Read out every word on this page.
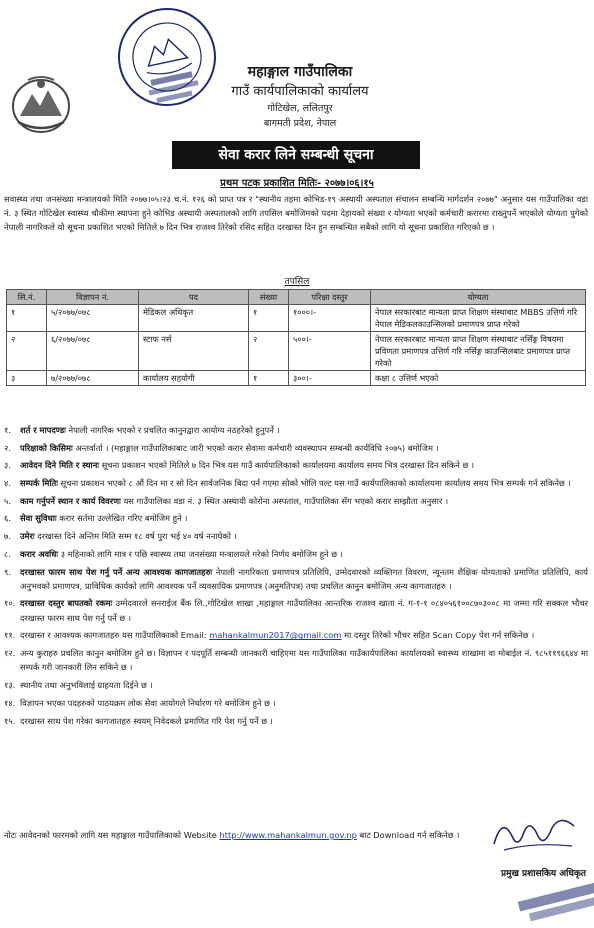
महाङ्गाल गाउँपालिका
गाउँ कार्यपालिकाको कार्यालय
गोटिखेल, ललितपुर
बागमती प्रदेश, नेपाल
सेवा करार लिने सम्बन्धी सूचना
प्रथम पटक प्रकाशित मितिः- २०७७।०६।१५
सवास्थ्य तथा जनसंख्या मन्त्रालयको मिति २०७७।०५।२३ च.नं. १२६ को प्राप्त पत्र र "स्थानीय तहमा कोभिड-१९ अस्थायी अस्पताल संचालन सम्बन्धि मार्गदर्शन २०७७" अनुसार यस गाउँपालिका वडा नं. ३ स्थित गोटिखेल स्वास्थ्य चौकीमा स्थापना हुने कोभिड अस्थायी अस्पतालको लागि तपसिल बमोजिमको पदमा देहायको संख्या र योग्यता भएको कर्मचारी करारमा राख्नुपर्ने भएकोले योग्यता पुगेको नेपाली नागरिकले यो सूचना प्रकाशित भएको मितिले ७ दिन भित्र राजश्व तिरेको रसिद सहित दरखास्त दिन हुन सम्बन्धित सबैको लागि यो सूचना प्रकाशित गरिएको छ ।
तपसिल
सि.नं.	विज्ञापन नं.	पद	संख्या	परिक्षा दस्तुर	योग्यता
१	५/२०७७/०७८	मेडिकल अधिकृत	१	१०००।-	नेपाल सरकारबाट मान्यता प्राप्त शिक्षण संस्थाबाट MBBS उत्तिर्ण गरि नेपाल मेडिकलकाउन्सिलको प्रमाणपत्र प्राप्त गरेको
२	६/२०७७/०७८	स्टाफ नर्स	२	५००।-	नेपाल सरकारबाट मान्यता प्राप्त शिक्षण संस्थाबाट नर्सिङ्ग विषयमा प्रविणता प्रमाणपत्र उत्तिर्ण गरि नर्सिङ्ग काउन्सिलबाट प्रमाणपत्र प्राप्त गरेको
३	७/२०७७/०७८	कार्यालय सहयोगी	१	३००।-	कक्षा ८ उत्तिर्ण भएको
१. शर्त र मापदण्डः नेपाली नागरिक भएको र प्रचलित कानुनद्वारा आयोग्य नठहरेको हुनुपर्ने ।
२. परिक्षाको किसिमः अन्तर्वार्ता । (महाङ्गाल गाउँपालिकाबाट जारी भएको करार सेवामा कर्मचारी व्यवस्थापन सम्बन्धी कार्यविधि २०७५) बमोजिम ।
३. आवेदन दिने मिति र स्थानः सूचना प्रकाशन भएको मितिले ७ दिन भित्र यस गाउँ कार्यपालिकाको कार्यालयमा कार्यालय समय भित्र दरखास्त दिन सकिने छ ।
४. सम्पर्क मितिः सूचना प्रकाशन भएको ८ औं दिन मा र सो दिन सार्वजनिक बिदा पर्न गएमा सोको भोलि पल्ट यस गाउँ कार्यपालिकाको कार्यालयमा कार्यालय समय भित्र सम्पर्क गर्न सकिनेछ ।
५. काम गर्नुपर्ने स्थान र कार्य विवरणः यस गाउँपालिका वडा नं. ३ स्थित अस्थायी कोरोना अस्पताल, गाउँपालिका सँग भएको करार सम्झौता अनुसार ।
६. सेवा सुविधाः करार सर्तमा उल्लेखित गरिए बमोजिम हुने ।
७. उमेरः दरखास्त दिने अन्तिम मिति सम्म १८ वर्ष पुरा भई ४० वर्ष ननाघेको ।
८. करार अवधिः ३ महिनाको लागि मात्र र पछि स्वास्थ्य तथा जनसंख्या मन्त्रालयले गरेको निर्णय बमोजिम हुने छ ।
९. दरखास्त फारम साथ पेश गर्नु पर्ने अन्य आवश्यक कागजातहरुः नेपाली नागरिकता प्रमाणपत्र प्रतिलिपि, उम्मेदवारको व्यक्तिगत विवरण, न्यूनतम शैक्षिक योग्यताको प्रमाणित प्रतिलिपि, कार्य अनुभवको प्रमाणपत्र, प्राविधिक कार्यको लागि आवश्यक पर्ने व्यवसायिक प्रमाणपत्र (अनुमतिपत्र) तथा प्रचलित कानुन बमोजिम अन्य कागजातहरु ।
१०. दरखास्त दस्तुर बापतको रकमः उम्मेदवारले सनराईज बैंक लि.,गोटिखेल शाखा ,महाङ्गाल गाउँपालिका आन्तरिक राजश्व खाता नं. ग-१-१ ०८४०५६१००८७०३००८ मा जम्मा गरि सक्कल भौचर दरखास्त फारम साथ पेश गर्नु पर्ने छ ।
११. दरखास्त र आवश्यक कागजातहरु यस गाउँपालिकाको Email: mahankalmun2017@gmail.com मा दस्तुर तिरेको भौचर सहित Scan Copy पेश गर्न सकिनेछ ।
१२. अन्य कुराहरु प्रचलित कानुन बमोजिम हुने छ। विज्ञापन र पदपूर्ति सम्बन्धी जानकारी चाहिएमा यस गाउँपालिका गाउँकार्यपालिका कार्यालयको स्वास्थ्य शाखामा वा मोबाईल नं. ९८५११९६६४४ मा सम्पर्क गरी जानकारी लिन सकिने छ ।
१३. स्थानीय तथा अनुभविलाई ग्राहयता दिईने छ ।
१४. विज्ञापन भएका पदहरुको पाठयक्रम लोक सेवा आयोगले निर्धारण गरे बमोजिम हुने छ ।
१५. दरखास्त साथ पेश गरेका कागजातहरु स्वयम् निवेदकले प्रमाणित गरि पेश गर्नु पर्ने छ ।
नोटः आवेदनको फारमको लागि यस महाङ्गाल गाउँपालिकाको Website http://www.mahankalmun.gov.np बाट Download गर्न सकिनेछ ।
प्रमुख प्रशासकिय अधिकृत
